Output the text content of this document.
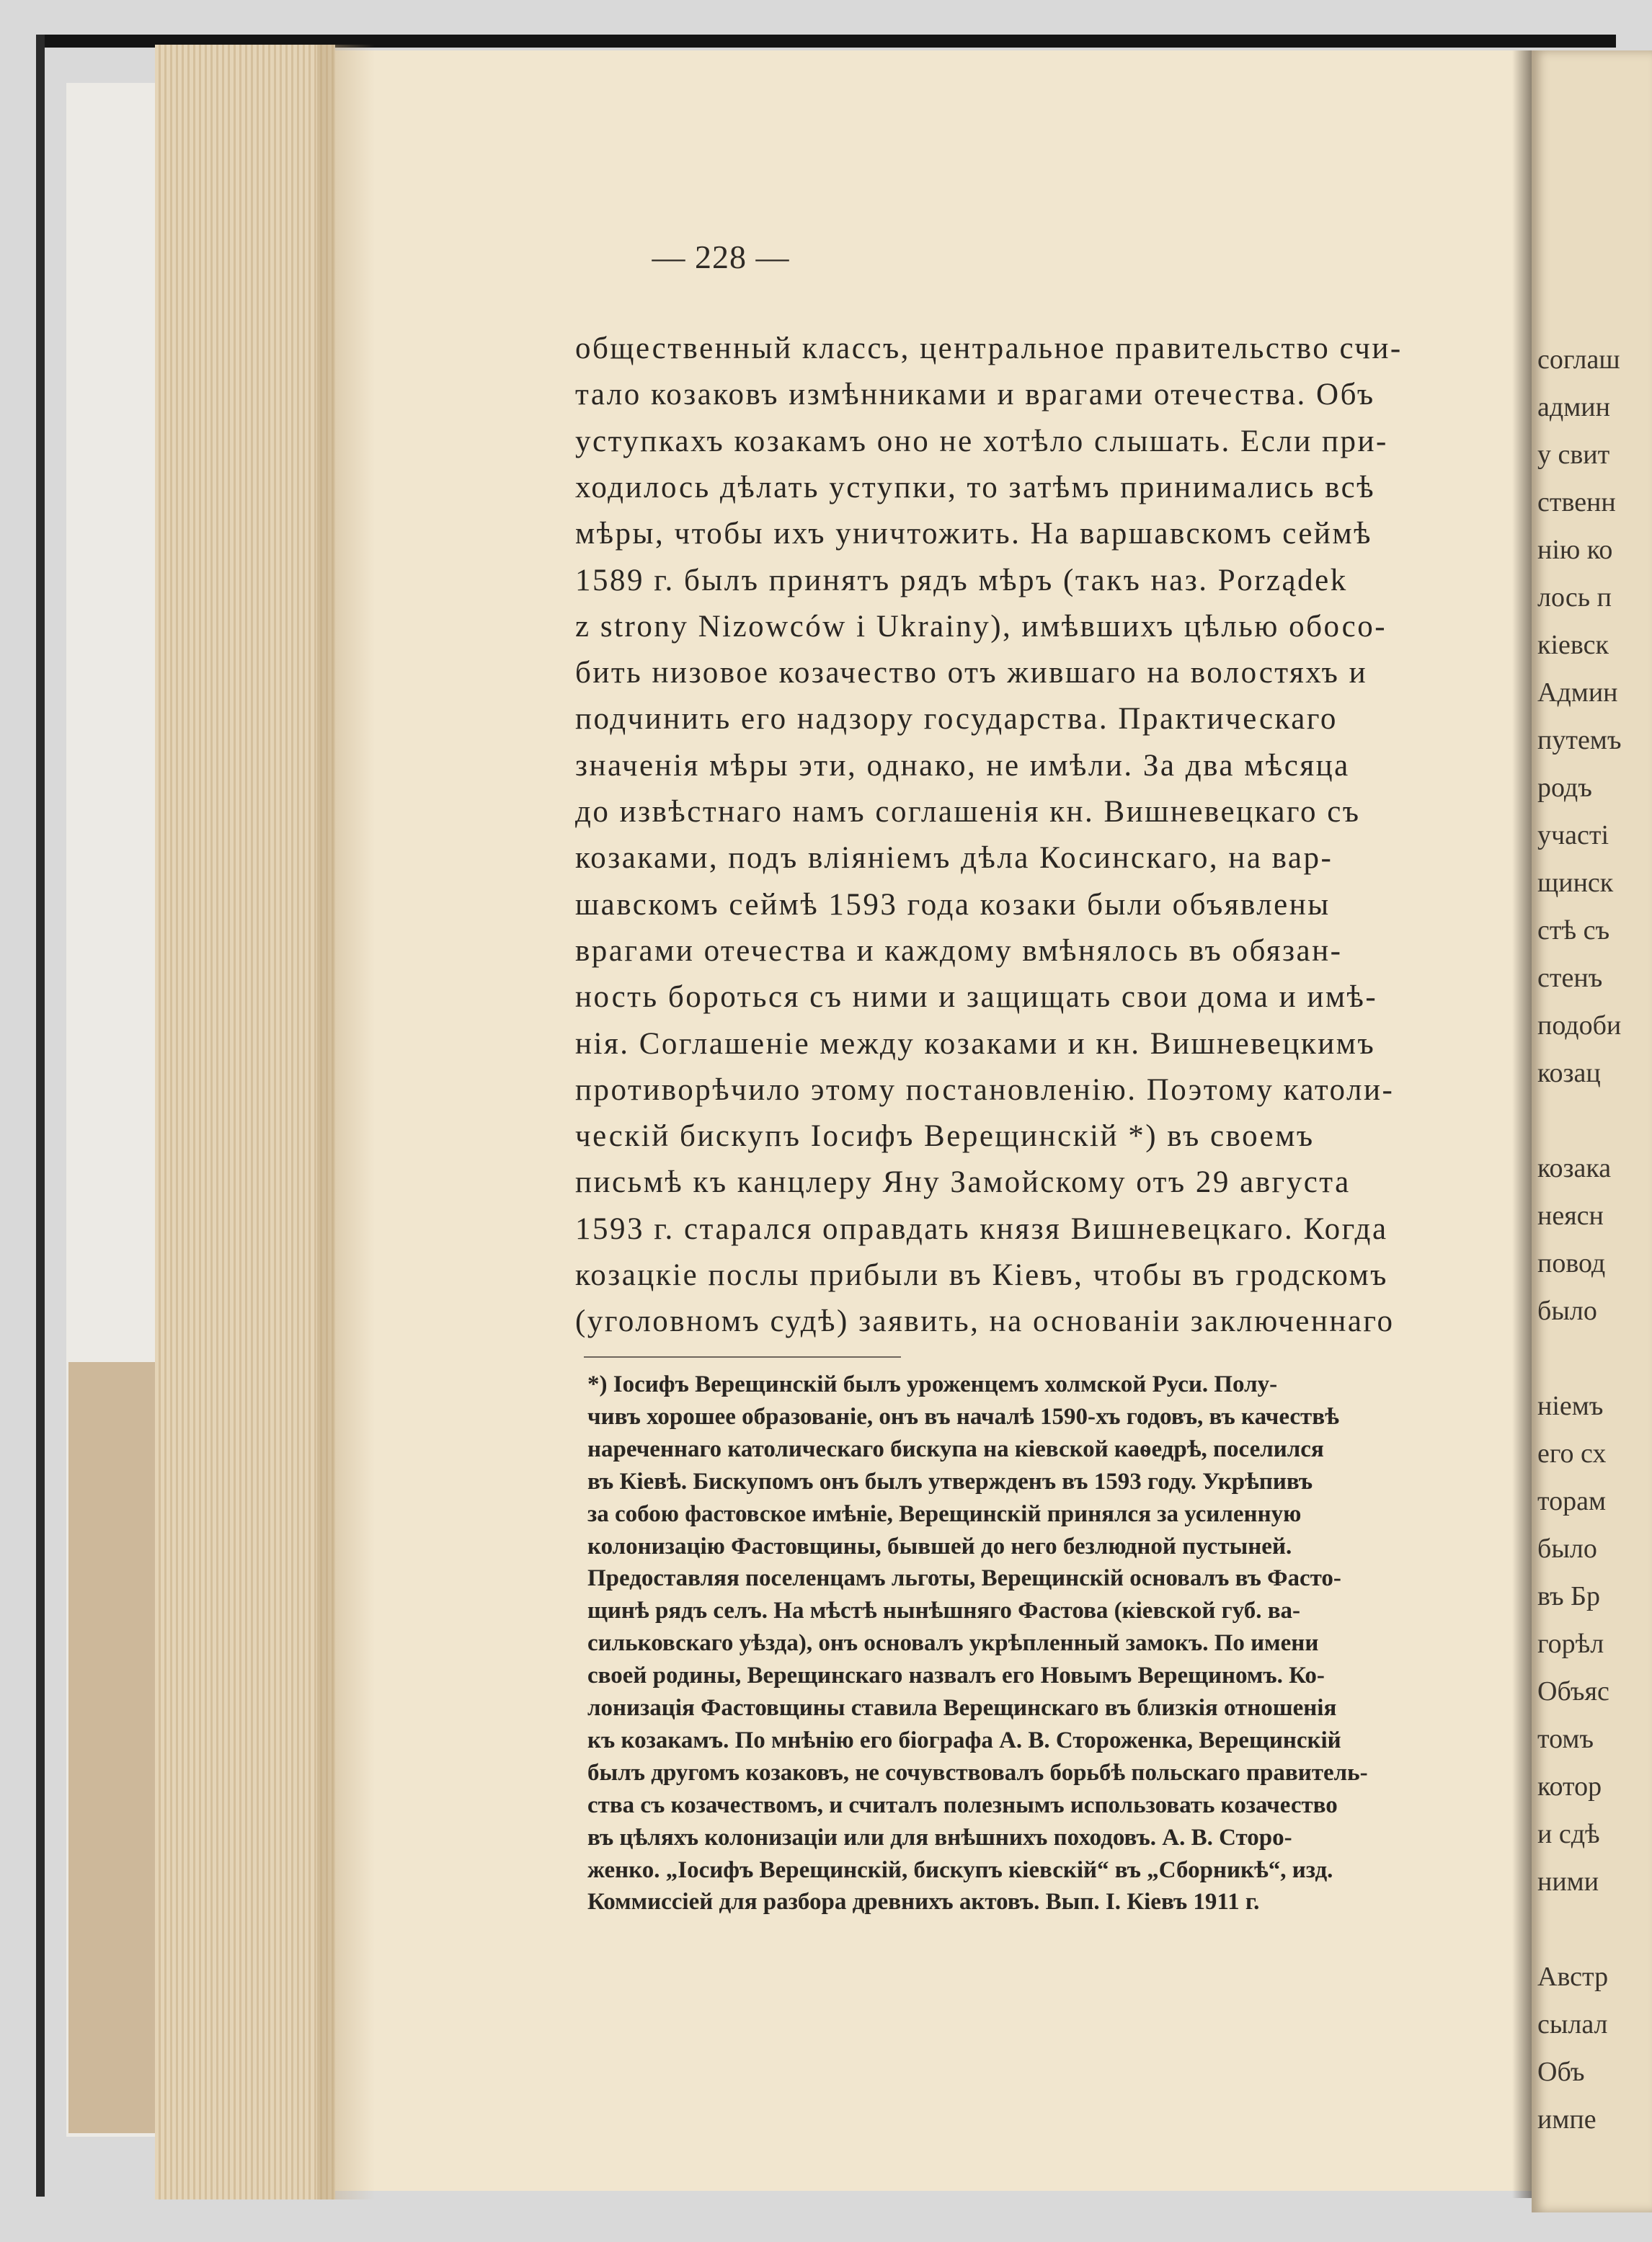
соглаш
админ
у свит
ственн
нію ко
лось п
кіевск
Админ
путемъ
родъ
участі
щинск
стѣ съ
стенъ
подоби
козац
козака
неясн
повод
было
ніемъ
его сх
торам
было
въ Бр
горѣл
Объяс
томъ
котор
и сдѣ
ними
Австр
сылал
Объ
импе
— 228 —
общественный классъ, центральное правительство счи-
тало козаковъ измѣнниками и врагами отечества. Объ
уступкахъ козакамъ оно не хотѣло слышать. Если при-
ходилось дѣлать уступки, то затѣмъ принимались всѣ
мѣры, чтобы ихъ уничтожить. На варшавскомъ сеймѣ
1589 г. былъ принятъ рядъ мѣръ (такъ наз. Porządek
z strony Nizowców i Ukrainy), имѣвшихъ цѣлью обосо-
бить низовое козачество отъ жившаго на волостяхъ и
подчинить его надзору государства. Практическаго
значенія мѣры эти, однако, не имѣли. За два мѣсяца
до извѣстнаго намъ соглашенія кн. Вишневецкаго съ
козаками, подъ вліяніемъ дѣла Косинскаго, на вар-
шавскомъ сеймѣ 1593 года козаки были объявлены
врагами отечества и каждому вмѣнялось въ обязан-
ность бороться съ ними и защищать свои дома и имѣ-
нія. Соглашеніе между козаками и кн. Вишневецкимъ
противорѣчило этому постановленію. Поэтому католи-
ческій бискупъ Іосифъ Верещинскій *) въ своемъ
письмѣ къ канцлеру Яну Замойскому отъ 29 августа
1593 г. старался оправдать князя Вишневецкаго. Когда
козацкіе послы прибыли въ Кіевъ, чтобы въ гродскомъ
(уголовномъ судѣ) заявить, на основаніи заключеннаго
*) Іосифъ Верещинскій былъ уроженцемъ холмской Руси. Полу-
чивъ хорошее образованіе, онъ въ началѣ 1590-хъ годовъ, въ качествѣ
нареченнаго католическаго бискупа на кіевской каѳедрѣ, поселился
въ Кіевѣ. Бискупомъ онъ былъ утвержденъ въ 1593 году. Укрѣпивъ
за собою фастовское имѣніе, Верещинскій принялся за усиленную
колонизацію Фастовщины, бывшей до него безлюдной пустыней.
Предоставляя поселенцамъ льготы, Верещинскій основалъ въ Фасто-
щинѣ рядъ селъ. На мѣстѣ нынѣшняго Фастова (кіевской губ. ва-
сильковскаго уѣзда), онъ основалъ укрѣпленный замокъ. По имени
своей родины, Верещинскаго назвалъ его Новымъ Верещиномъ. Ко-
лонизація Фастовщины ставила Верещинскаго въ близкія отношенія
къ козакамъ. По мнѣнію его біографа А. В. Стороженка, Верещинскій
былъ другомъ козаковъ, не сочувствовалъ борьбѣ польскаго правитель-
ства съ козачествомъ, и считалъ полезнымъ использовать козачество
въ цѣляхъ колонизаціи или для внѣшнихъ походовъ. А. В. Сторо-
женко. „Іосифъ Верещинскій, бискупъ кіевскій“ въ „Сборникѣ“, изд.
Коммиссіей для разбора древнихъ актовъ. Вып. I. Кіевъ 1911 г.
